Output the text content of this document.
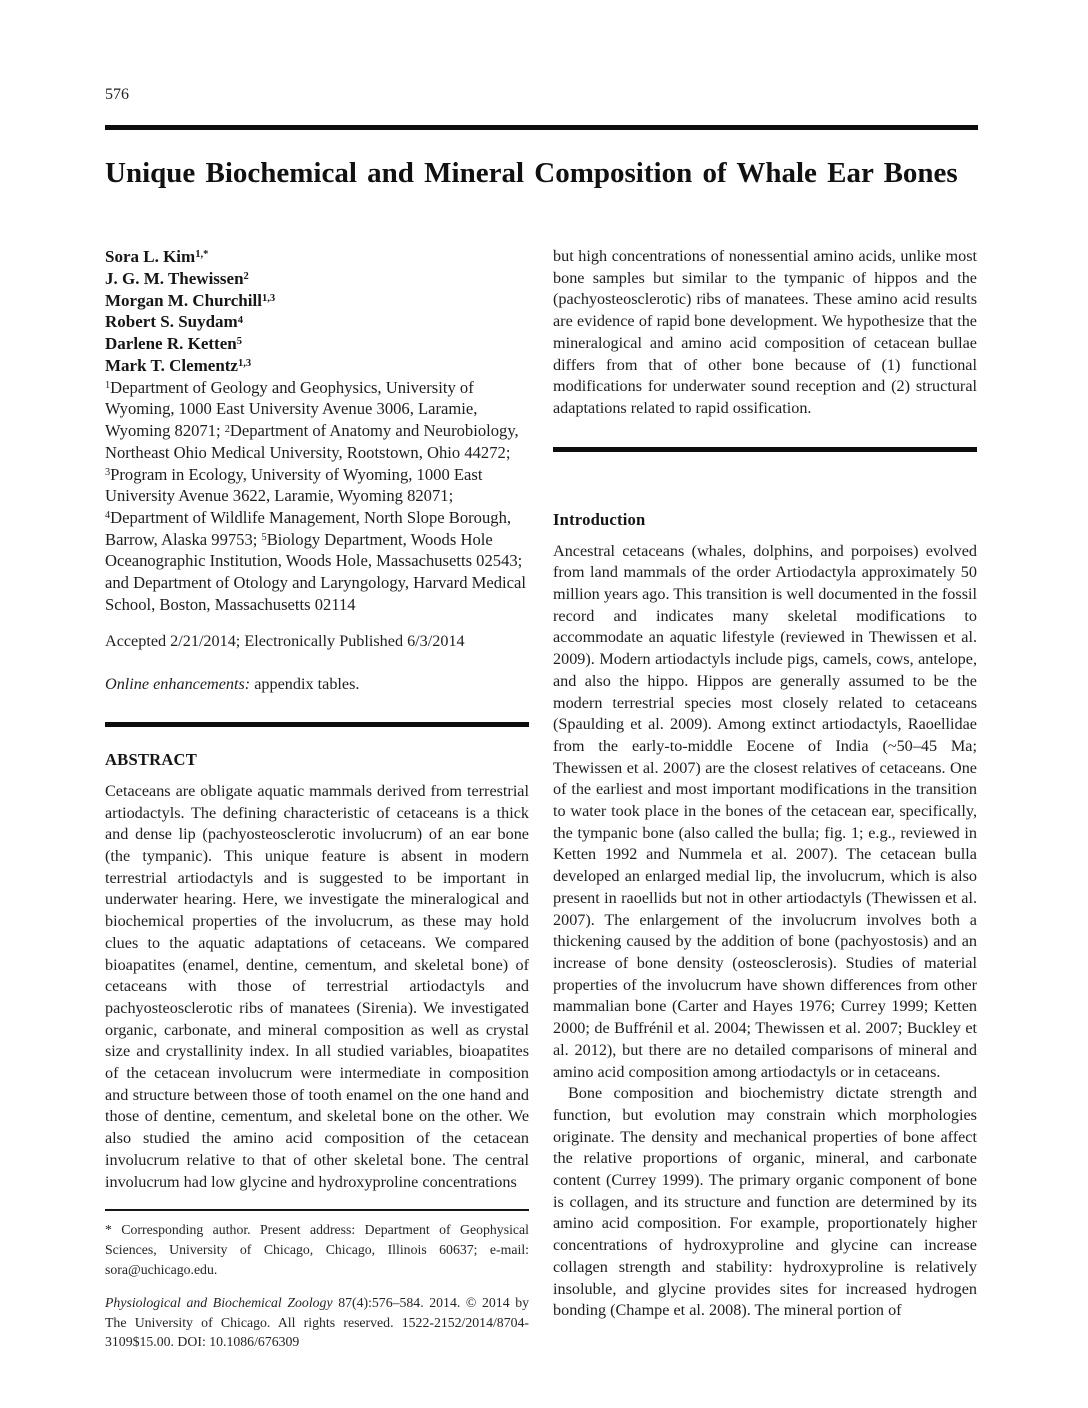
576
Unique Biochemical and Mineral Composition of Whale Ear Bones
Sora L. Kim$^{1,*}$
J. G. M. Thewissen$^2$
Morgan M. Churchill$^{1,3}$
Robert S. Suydam$^4$
Darlene R. Ketten$^5$
Mark T. Clementz$^{1,3}$

$^1$Department of Geology and Geophysics, University of Wyoming, 1000 East University Avenue 3006, Laramie, Wyoming 82071; $^2$Department of Anatomy and Neurobiology, Northeast Ohio Medical University, Rootstown, Ohio 44272; $^3$Program in Ecology, University of Wyoming, 1000 East University Avenue 3622, Laramie, Wyoming 82071; $^4$Department of Wildlife Management, North Slope Borough, Barrow, Alaska 99753; $^5$Biology Department, Woods Hole Oceanographic Institution, Woods Hole, Massachusetts 02543; and Department of Otology and Laryngology, Harvard Medical School, Boston, Massachusetts 02114

Accepted 2/21/2014; Electronically Published 6/3/2014

Online enhancements: appendix tables.

ABSTRACT

Cetaceans are obligate aquatic mammals derived from terrestrial artiodactyls. The defining characteristic of cetaceans is a thick and dense lip (pachyosteosclerotic involucrum) of an ear bone (the tympanic). This unique feature is absent in modern terrestrial artiodactyls and is suggested to be important in underwater hearing. Here, we investigate the mineralogical and biochemical properties of the involucrum, as these may hold clues to the aquatic adaptations of cetaceans. We compared bioapatites (enamel, dentine, cementum, and skeletal bone) of cetaceans with those of terrestrial artiodactyls and pachyosteosclerotic ribs of manatees (Sirenia). We investigated organic, carbonate, and mineral composition as well as crystal size and crystallinity index. In all studied variables, bioapatites of the cetacean involucrum were intermediate in composition and structure between those of tooth enamel on the one hand and those of dentine, cementum, and skeletal bone on the other. We also studied the amino acid composition of the cetacean involucrum relative to that of other skeletal bone. The central involucrum had low glycine and hydroxyproline concentrations

* Corresponding author. Present address: Department of Geophysical Sciences, University of Chicago, Chicago, Illinois 60637; e-mail: sora@uchicago.edu.

Physiological and Biochemical Zoology 87(4):576–584. 2014. © 2014 by The University of Chicago. All rights reserved. 1522-2152/2014/8704-3109$15.00. DOI: 10.1086/676309

but high concentrations of nonessential amino acids, unlike most bone samples but similar to the tympanic of hippos and the (pachyosteosclerotic) ribs of manatees. These amino acid results are evidence of rapid bone development. We hypothesize that the mineralogical and amino acid composition of cetacean bullae differs from that of other bone because of (1) functional modifications for underwater sound reception and (2) structural adaptations related to rapid ossification.

Introduction

Ancestral cetaceans (whales, dolphins, and porpoises) evolved from land mammals of the order Artiodactyla approximately 50 million years ago. This transition is well documented in the fossil record and indicates many skeletal modifications to accommodate an aquatic lifestyle (reviewed in Thewissen et al. 2009). Modern artiodactyls include pigs, camels, cows, antelope, and also the hippo. Hippos are generally assumed to be the modern terrestrial species most closely related to cetaceans (Spaulding et al. 2009). Among extinct artiodactyls, Raoellidae from the early-to-middle Eocene of India (~50–45 Ma; Thewissen et al. 2007) are the closest relatives of cetaceans. One of the earliest and most important modifications in the transition to water took place in the bones of the cetacean ear, specifically, the tympanic bone (also called the bulla; fig. 1; e.g., reviewed in Ketten 1992 and Nummela et al. 2007). The cetacean bulla developed an enlarged medial lip, the involucrum, which is also present in raoellids but not in other artiodactyls (Thewissen et al. 2007). The enlargement of the involucrum involves both a thickening caused by the addition of bone (pachyostosis) and an increase of bone density (osteosclerosis). Studies of material properties of the involucrum have shown differences from other mammalian bone (Carter and Hayes 1976; Currey 1999; Ketten 2000; de Buffrénil et al. 2004; Thewissen et al. 2007; Buckley et al. 2012), but there are no detailed comparisons of mineral and amino acid composition among artiodactyls or in cetaceans.

Bone composition and biochemistry dictate strength and function, but evolution may constrain which morphologies originate. The density and mechanical properties of bone affect the relative proportions of organic, mineral, and carbonate content (Currey 1999). The primary organic component of bone is collagen, and its structure and function are determined by its amino acid composition. For example, proportionately higher concentrations of hydroxyproline and glycine can increase collagen strength and stability: hydroxyproline is relatively insoluble, and glycine provides sites for increased hydrogen bonding (Champe et al. 2008). The mineral portion of
